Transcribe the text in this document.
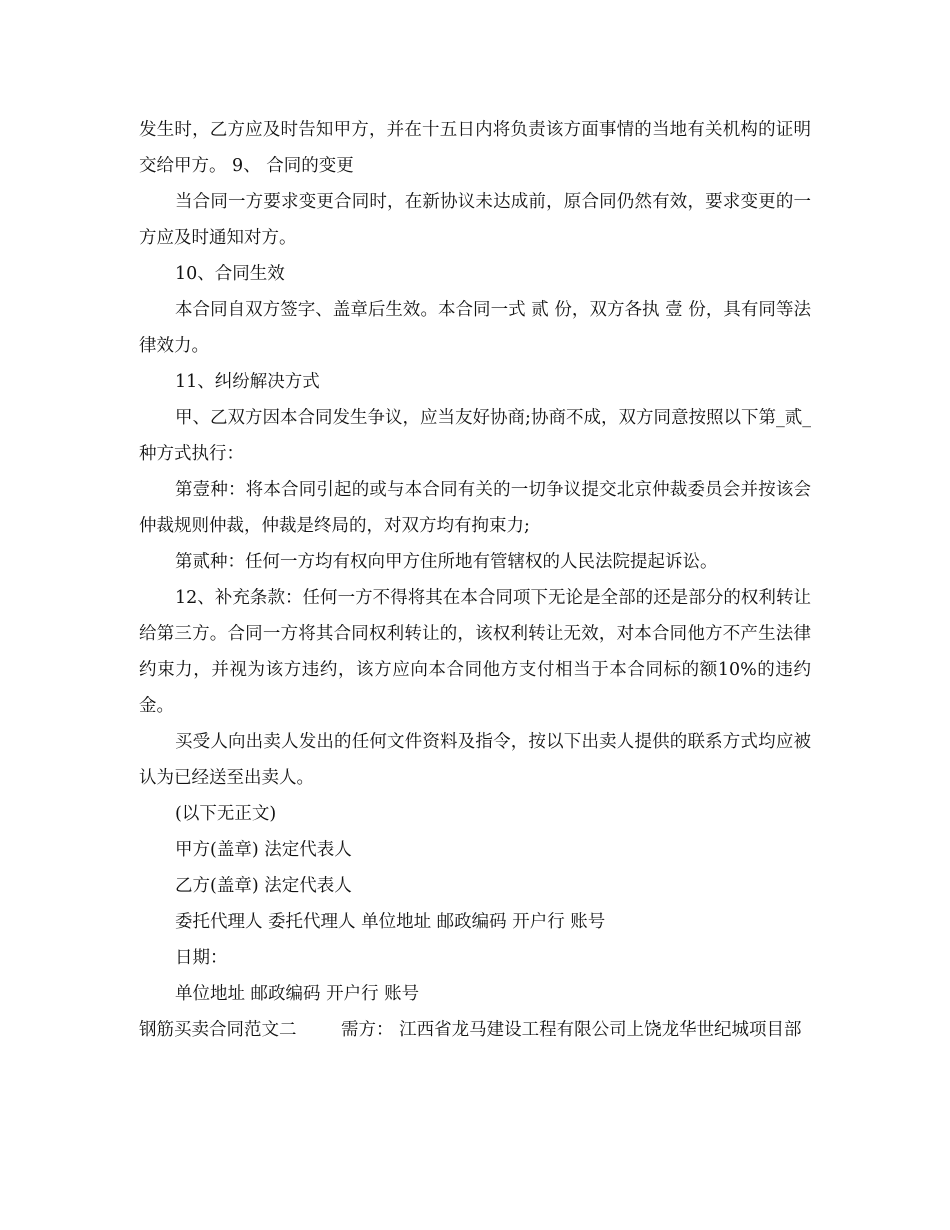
发生时，乙方应及时告知甲方，并在十五日内将负责该方面事情的当地有关机构的证明交给甲方。 9、 合同的变更

当合同一方要求变更合同时，在新协议未达成前，原合同仍然有效，要求变更的一方应及时通知对方。

10、合同生效

本合同自双方签字、盖章后生效。本合同一式 贰 份，双方各执 壹 份，具有同等法律效力。

11、纠纷解决方式

甲、乙双方因本合同发生争议，应当友好协商;协商不成，双方同意按照以下第_贰_种方式执行：

第壹种：将本合同引起的或与本合同有关的一切争议提交北京仲裁委员会并按该会仲裁规则仲裁，仲裁是终局的，对双方均有拘束力;

第贰种：任何一方均有权向甲方住所地有管辖权的人民法院提起诉讼。

12、补充条款：任何一方不得将其在本合同项下无论是全部的还是部分的权利转让给第三方。合同一方将其合同权利转让的，该权利转让无效，对本合同他方不产生法律约束力，并视为该方违约，该方应向本合同他方支付相当于本合同标的额10%的违约金。

买受人向出卖人发出的任何文件资料及指令，按以下出卖人提供的联系方式均应被认为已经送至出卖人。

(以下无正文)

甲方(盖章) 法定代表人

乙方(盖章) 法定代表人

委托代理人 委托代理人 单位地址 邮政编码 开户行 账号

日期：

单位地址 邮政编码 开户行 账号

钢筋买卖合同范文二        需方： 江西省龙马建设工程有限公司上饶龙华世纪城项目部
